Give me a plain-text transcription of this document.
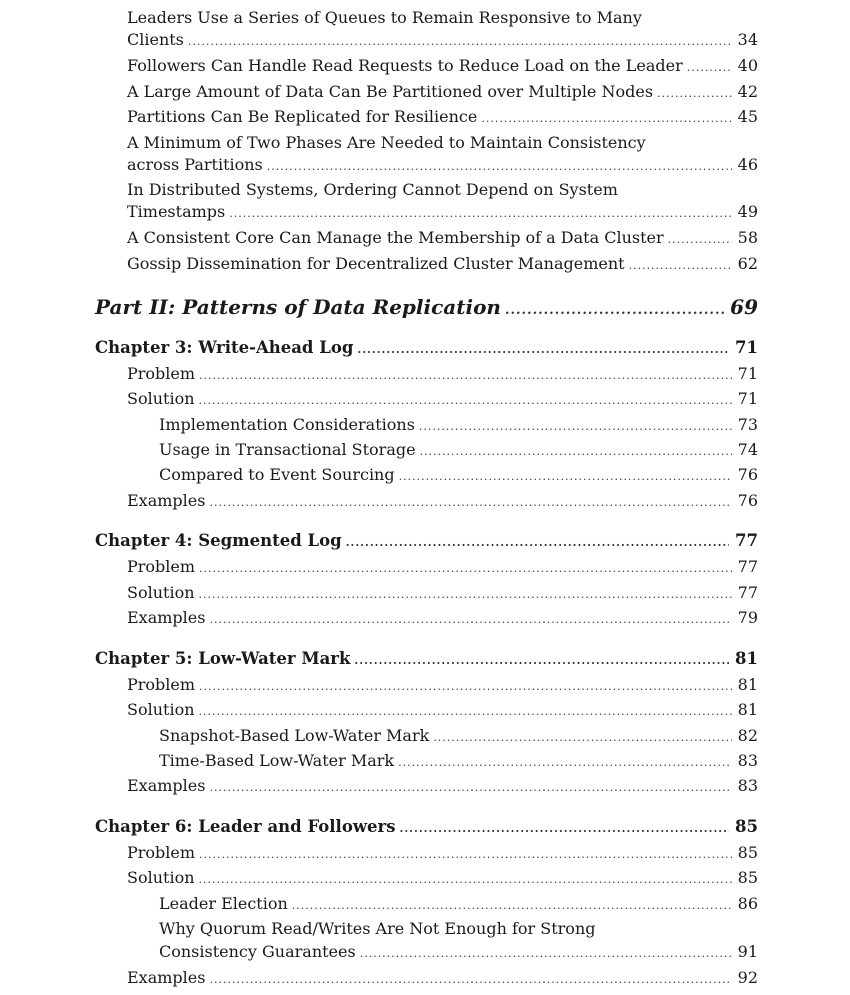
Leaders Use a Series of Queues to Remain Responsive to Many
Clients .....	34
Followers Can Handle Read Requests to Reduce Load on the Leader .....	40
A Large Amount of Data Can Be Partitioned over Multiple Nodes .....	42
Partitions Can Be Replicated for Resilience .....	45
A Minimum of Two Phases Are Needed to Maintain Consistency
across Partitions .....	46
In Distributed Systems, Ordering Cannot Depend on System
Timestamps .....	49
A Consistent Core Can Manage the Membership of a Data Cluster .....	58
Gossip Dissemination for Decentralized Cluster Management .....	62
Part II: Patterns of Data Replication .....	69
Chapter 3: Write-Ahead Log .....	71
Problem .....	71
Solution .....	71
Implementation Considerations .....	73
Usage in Transactional Storage .....	74
Compared to Event Sourcing .....	76
Examples .....	76
Chapter 4: Segmented Log .....	77
Problem .....	77
Solution .....	77
Examples .....	79
Chapter 5: Low-Water Mark .....	81
Problem .....	81
Solution .....	81
Snapshot-Based Low-Water Mark .....	82
Time-Based Low-Water Mark .....	83
Examples .....	83
Chapter 6: Leader and Followers .....	85
Problem .....	85
Solution .....	85
Leader Election .....	86
Why Quorum Read/Writes Are Not Enough for Strong
Consistency Guarantees .....	91
Examples .....	92
